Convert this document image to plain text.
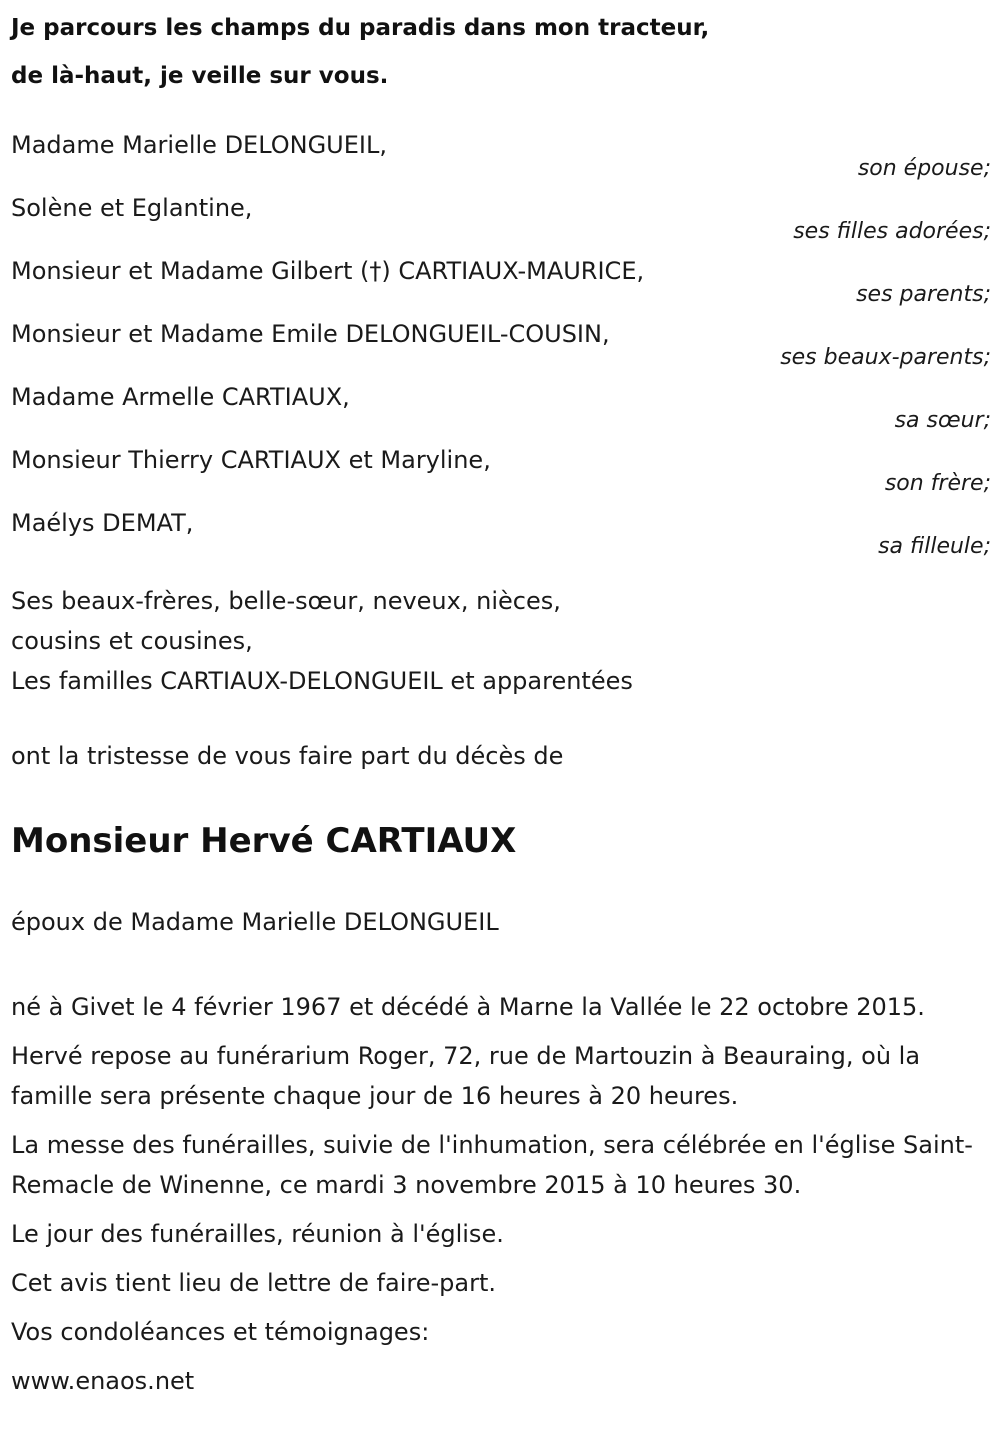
Je parcours les champs du paradis dans mon tracteur,
de là-haut, je veille sur vous.
Madame Marielle DELONGUEIL,
son épouse;
Solène et Eglantine,
ses filles adorées;
Monsieur et Madame Gilbert (†) CARTIAUX-MAURICE,
ses parents;
Monsieur et Madame Emile DELONGUEIL-COUSIN,
ses beaux-parents;
Madame Armelle CARTIAUX,
sa sœur;
Monsieur Thierry CARTIAUX et Maryline,
son frère;
Maélys DEMAT,
sa filleule;
Ses beaux-frères, belle-sœur, neveux, nièces,
cousins et cousines,
Les familles CARTIAUX-DELONGUEIL et apparentées
ont la tristesse de vous faire part du décès de
Monsieur Hervé CARTIAUX
époux de Madame Marielle DELONGUEIL
né à Givet le 4 février 1967 et décédé à Marne la Vallée le 22 octobre 2015.
Hervé repose au funérarium Roger, 72, rue de Martouzin à Beauraing, où la famille sera présente chaque jour de 16 heures à 20 heures.
La messe des funérailles, suivie de l'inhumation, sera célébrée en l'église Saint-Remacle de Winenne, ce mardi 3 novembre 2015 à 10 heures 30.
Le jour des funérailles, réunion à l'église.
Cet avis tient lieu de lettre de faire-part.
Vos condoléances et témoignages:
www.enaos.net
